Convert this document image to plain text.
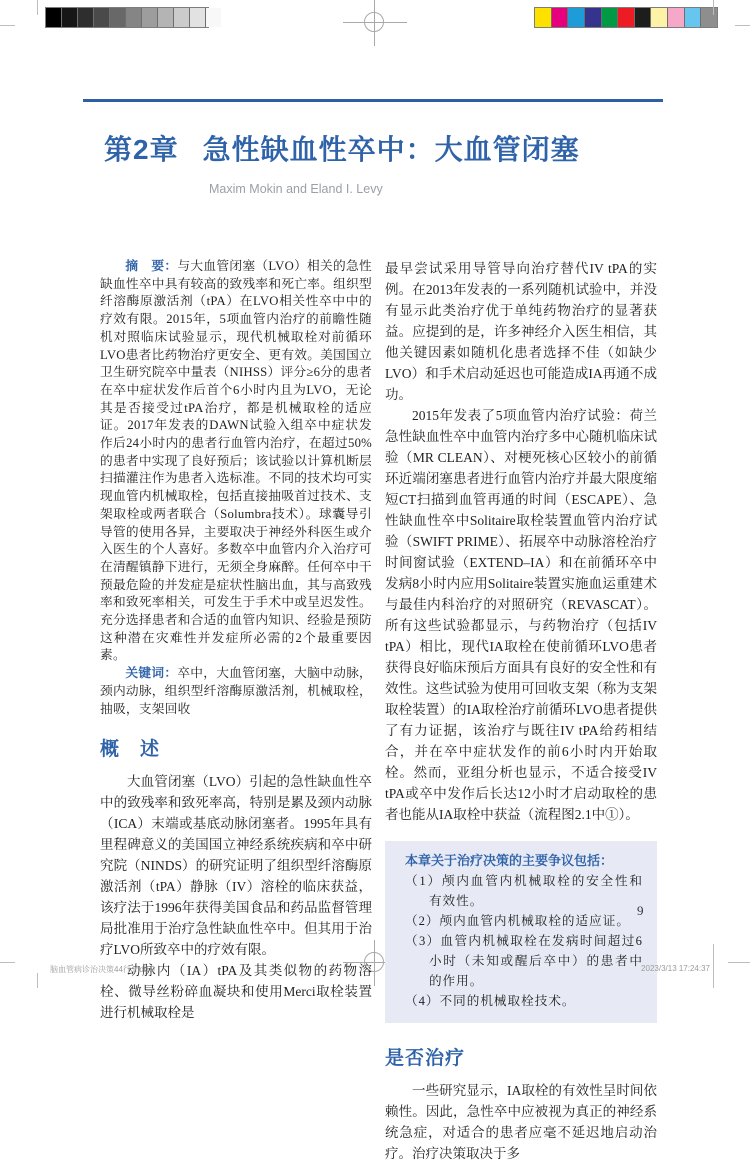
第2章 急性缺血性卒中：大血管闭塞
Maxim Mokin and Eland I. Levy

摘　要：与大血管闭塞（LVO）相关的急性缺血性卒中具有较高的致残率和死亡率。组织型纤溶酶原激活剂（tPA）在LVO相关性卒中中的疗效有限。2015年，5项血管内治疗的前瞻性随机对照临床试验显示，现代机械取栓对前循环LVO患者比药物治疗更安全、更有效。美国国立卫生研究院卒中量表（NIHSS）评分≥6分的患者在卒中症状发作后首个6小时内且为LVO，无论其是否接受过tPA治疗，都是机械取栓的适应证。2017年发表的DAWN试验入组卒中症状发作后24小时内的患者行血管内治疗，在超过50%的患者中实现了良好预后；该试验以计算机断层扫描灌注作为患者入选标准。不同的技术均可实现血管内机械取栓，包括直接抽吸首过技术、支架取栓或两者联合（Solumbra技术）。球囊导引导管的使用各异，主要取决于神经外科医生或介入医生的个人喜好。多数卒中血管内介入治疗可在清醒镇静下进行，无须全身麻醉。任何卒中干预最危险的并发症是症状性脑出血，其与高致残率和致死率相关，可发生于手术中或呈迟发性。充分选择患者和合适的血管内知识、经验是预防这种潜在灾难性并发症所必需的2个最重要因素。

关键词：卒中，大血管闭塞，大脑中动脉，颈内动脉，组织型纤溶酶原激活剂，机械取栓，抽吸，支架回收

概　述

大血管闭塞（LVO）引起的急性缺血性卒中的致残率和致死率高，特别是累及颈内动脉（ICA）末端或基底动脉闭塞者。1995年具有里程碑意义的美国国立神经系统疾病和卒中研究院（NINDS）的研究证明了组织型纤溶酶原激活剂（tPA）静脉（IV）溶栓的临床获益，该疗法于1996年获得美国食品和药品监督管理局批准用于治疗急性缺血性卒中。但其用于治疗LVO所致卒中的疗效有限。

动脉内（IA）tPA及其类似物的药物溶栓、微导丝粉碎血凝块和使用Merci取栓装置进行机械取栓是

最早尝试采用导管导向治疗替代IV tPA的实例。在2013年发表的一系列随机试验中，并没有显示此类治疗优于单纯药物治疗的显著获益。应提到的是，许多神经介入医生相信，其他关键因素如随机化患者选择不佳（如缺少LVO）和手术启动延迟也可能造成IA再通不成功。

2015年发表了5项血管内治疗试验：荷兰急性缺血性卒中血管内治疗多中心随机临床试验（MR CLEAN）、对梗死核心区较小的前循环近端闭塞患者进行血管内治疗并最大限度缩短CT扫描到血管再通的时间（ESCAPE）、急性缺血性卒中Solitaire取栓装置血管内治疗试验（SWIFT PRIME）、拓展卒中动脉溶栓治疗时间窗试验（EXTEND–IA）和在前循环卒中发病8小时内应用Solitaire装置实施血运重建术与最佳内科治疗的对照研究（REVASCAT）。所有这些试验都显示，与药物治疗（包括IV tPA）相比，现代IA取栓在使前循环LVO患者获得良好临床预后方面具有良好的安全性和有效性。这些试验为使用可回收支架（称为支架取栓装置）的IA取栓治疗前循环LVO患者提供了有力证据，该治疗与既往IV tPA给药相结合，并在卒中症状发作的前6小时内开始取栓。然而，亚组分析也显示，不适合接受IV tPA或卒中发作后长达12小时才启动取栓的患者也能从IA取栓中获益（流程图2.1中①）。

本章关于治疗决策的主要争议包括：

（1）颅内血管内机械取栓的安全性和有效性。

（2）颅内血管内机械取栓的适应证。

（3）血管内机械取栓在发病时间超过6小时（未知或醒后卒中）的患者中的作用。

（4）不同的机械取栓技术。

是否治疗

一些研究显示，IA取栓的有效性呈时间依赖性。因此，急性卒中应被视为真正的神经系统急症，对适合的患者应毫不延迟地启动治疗。治疗决策取决于多

9
脑血管病诊治决策44行.indd 9	2023/3/13 17:24:37
